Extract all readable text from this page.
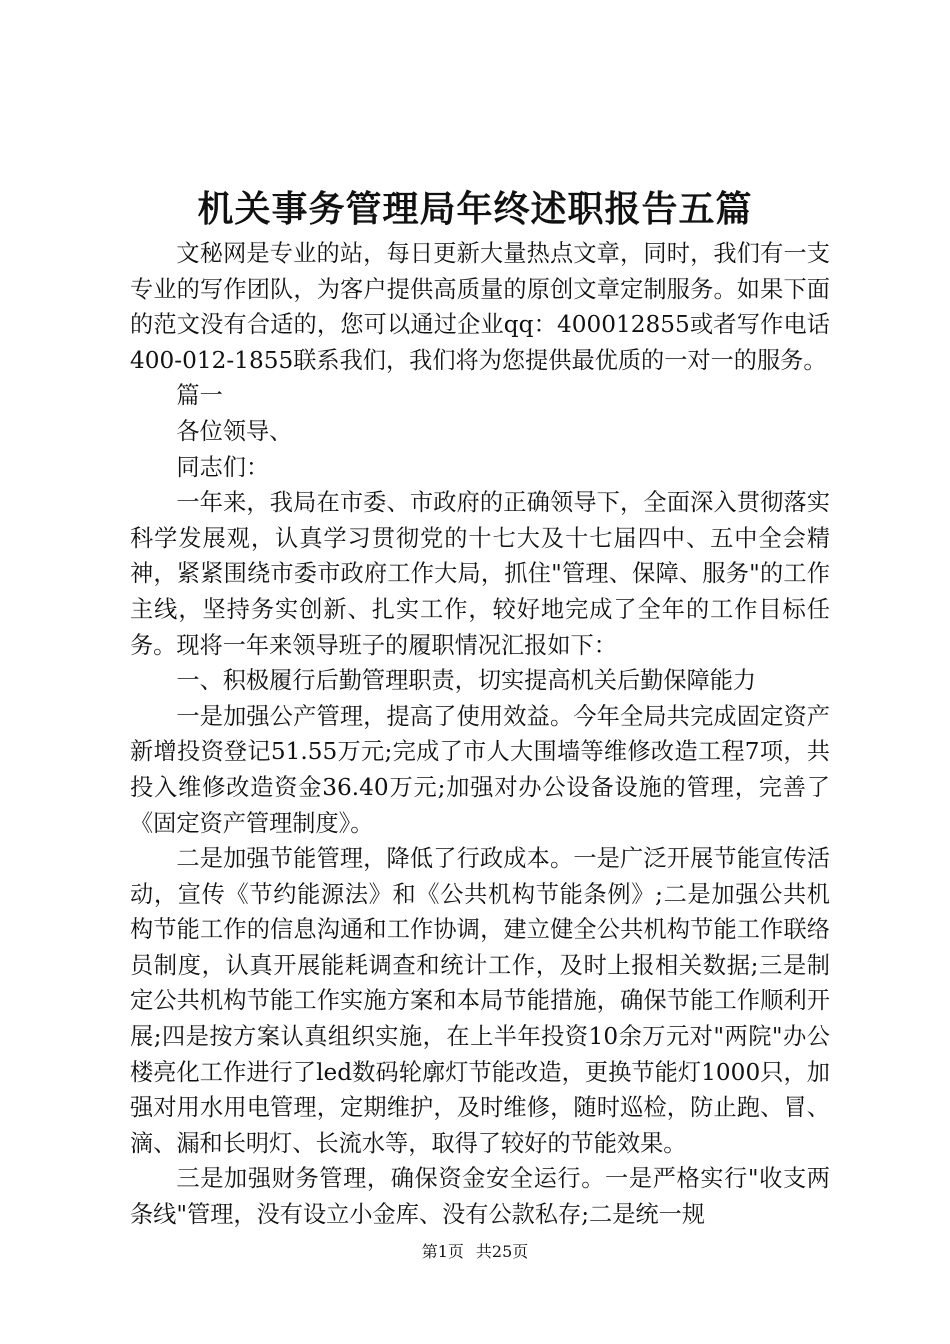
机关事务管理局年终述职报告五篇

文秘网是专业的站，每日更新大量热点文章，同时，我们有一支专业的写作团队，为客户提供高质量的原创文章定制服务。如果下面的范文没有合适的，您可以通过企业qq：400012855或者写作电话400-012-1855联系我们，我们将为您提供最优质的一对一的服务。

篇一

各位领导、

同志们：

一年来，我局在市委、市政府的正确领导下，全面深入贯彻落实科学发展观，认真学习贯彻党的十七大及十七届四中、五中全会精神，紧紧围绕市委市政府工作大局，抓住"管理、保障、服务"的工作主线，坚持务实创新、扎实工作，较好地完成了全年的工作目标任务。现将一年来领导班子的履职情况汇报如下：

一、积极履行后勤管理职责，切实提高机关后勤保障能力

一是加强公产管理，提高了使用效益。今年全局共完成固定资产新增投资登记51.55万元;完成了市人大围墙等维修改造工程7项，共投入维修改造资金36.40万元;加强对办公设备设施的管理，完善了《固定资产管理制度》。

二是加强节能管理，降低了行政成本。一是广泛开展节能宣传活动，宣传《节约能源法》和《公共机构节能条例》;二是加强公共机构节能工作的信息沟通和工作协调，建立健全公共机构节能工作联络员制度，认真开展能耗调查和统计工作，及时上报相关数据;三是制定公共机构节能工作实施方案和本局节能措施，确保节能工作顺利开展;四是按方案认真组织实施，在上半年投资10余万元对"两院"办公楼亮化工作进行了led数码轮廓灯节能改造，更换节能灯1000只，加强对用水用电管理，定期维护，及时维修，随时巡检，防止跑、冒、滴、漏和长明灯、长流水等，取得了较好的节能效果。

三是加强财务管理，确保资金安全运行。一是严格实行"收支两条线"管理，没有设立小金库、没有公款私存;二是统一规

第1页 共25页
